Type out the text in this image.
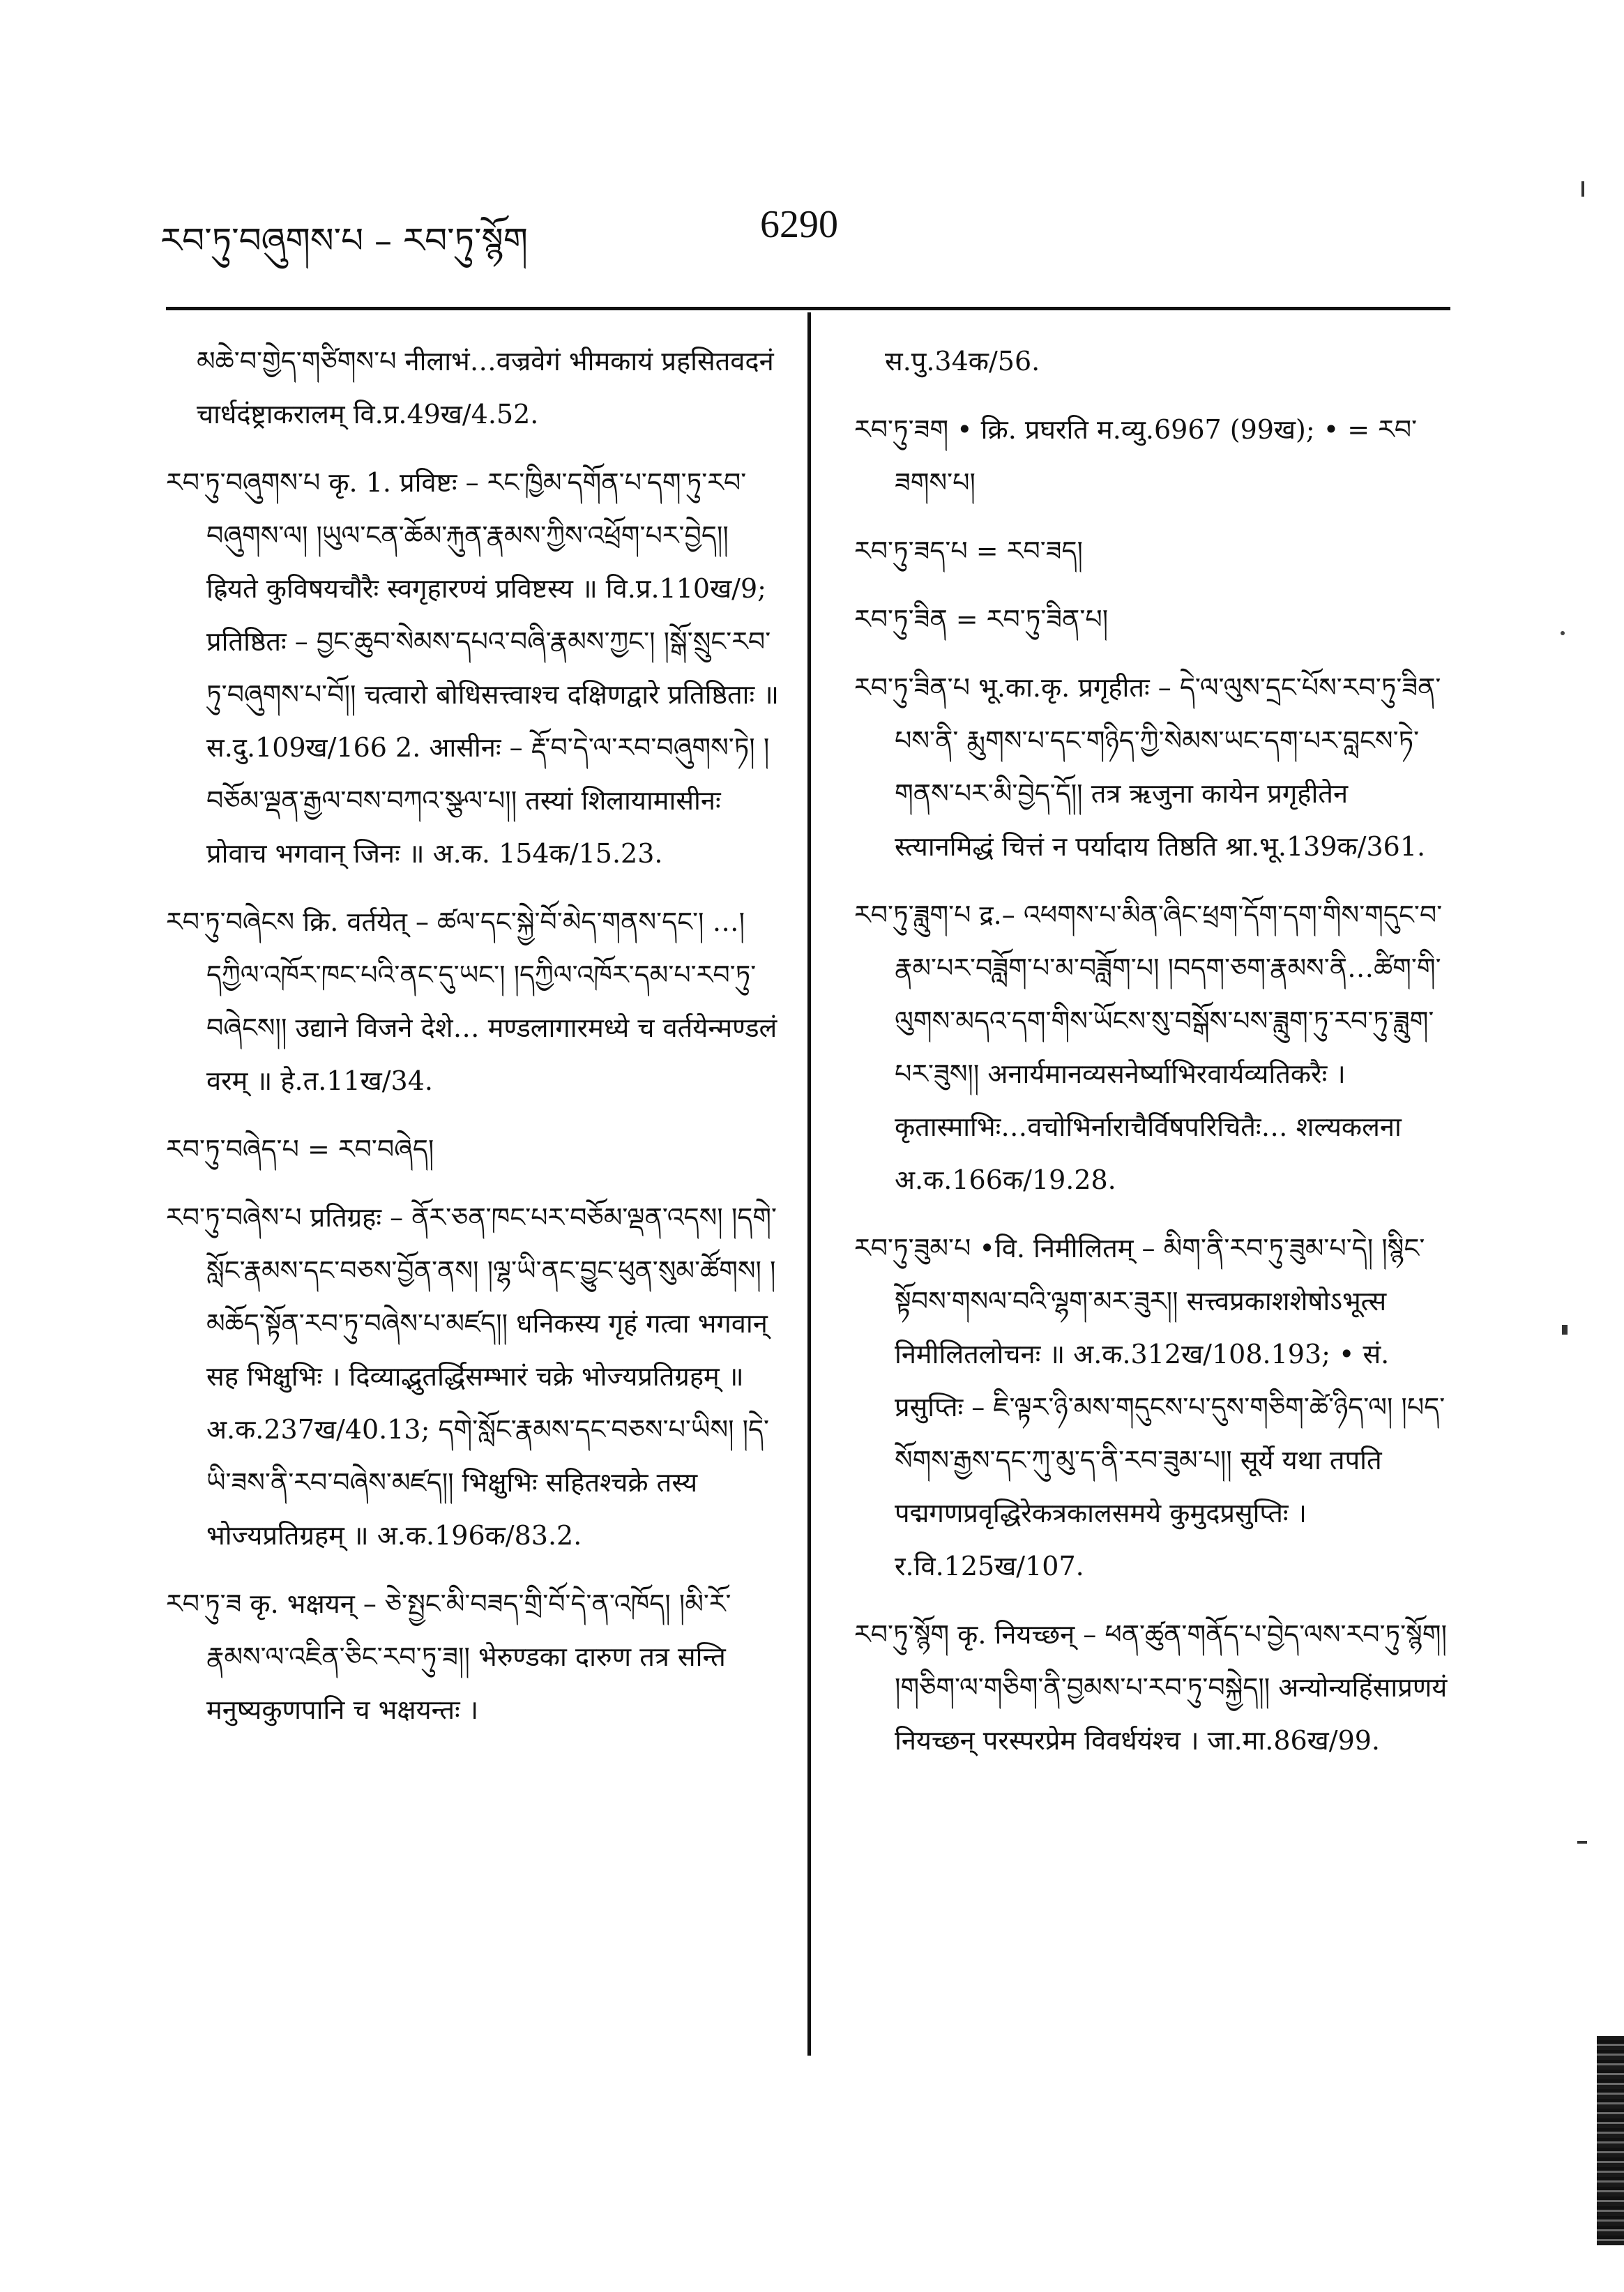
རབ་ཏུ་བཞུགས་པ – རབ་ཏུ་སྙོག	6290

མཆེ་བ་གྱེད་གཙིགས་པ नीलाभं…वज्रवेगं भीमकायं प्रहसितवदनं चार्धदंष्ट्राकरालम् वि.प्र.49ख/4.52.

རབ་ཏུ་བཞུགས་པ कृ. 1. प्रविष्टः – རང་ཁྱིམ་དགོན་པ་དག་ཏུ་རབ་བཞུགས་ལ། །ཡུལ་ངན་ཆོམ་རྐུན་རྣམས་ཀྱིས་འཕྲོག་པར་བྱེད།། ह्रियते कुविषयचौरैः स्वगृहारण्यं प्रविष्टस्य ॥ वि.प्र.110ख/9; प्रतिष्ठितः – བྱང་ཆུབ་སེམས་དཔའ་བཞི་རྣམས་ཀྱང་། །སྒོ་སྲུང་རབ་ཏུ་བཞུགས་པ་བོ།། चत्वारो बोधिसत्त्वाश्च दक्षिणद्वारे प्रतिष्ठिताः ॥ स.दु.109ख/166 2. आसीनः – རྡོ་བ་དེ་ལ་རབ་བཞུགས་ཏེ། །བཅོམ་ལྡན་རྒྱལ་བས་བཀའ་སྩལ་པ།། तस्यां शिलायामासीनः प्रोवाच भगवान् जिनः ॥ अ.क. 154क/15.23.

རབ་ཏུ་བཞེངས क्रि. वर्तयेत् – ཚལ་དང་སྐྱེ་བོ་མེད་གནས་དང་། …།དཀྱིལ་འཁོར་ཁང་པའི་ནང་དུ་ཡང་། །དཀྱིལ་འཁོར་དམ་པ་རབ་ཏུ་བཞེངས།། उद्याने विजने देशे… मण्डलागारमध्ये च वर्तयेन्मण्डलं वरम् ॥ हे.त.11ख/34.

རབ་ཏུ་བཞེད་པ = རབ་བཞེད།

རབ་ཏུ་བཞེས་པ प्रतिग्रहः – ནོར་ཅན་ཁང་པར་བཅོམ་ལྡན་འདས། །དགེ་སློང་རྣམས་དང་བཅས་བྱོན་ནས། །ལྷ་ཡི་ནང་བྱུང་ཕུན་སུམ་ཚོགས། །མཆོད་སྟོན་རབ་ཏུ་བཞེས་པ་མཛད།། धनिकस्य गृहं गत्वा भगवान् सह भिक्षुभिः । दिव्याद्भुतर्द्धिसम्भारं चक्रे भोज्यप्रतिग्रहम् ॥ अ.क.237ख/40.13; དགེ་སློང་རྣམས་དང་བཅས་པ་ཡིས། །དེ་ཡི་ཟས་ནི་རབ་བཞེས་མཛད།། भिक्षुभिः सहितश्चक्रे तस्य भोज्यप्रतिग्रहम् ॥ अ.क.196क/83.2.

རབ་ཏུ་ཟ कृ. भक्षयन् – ཅེ་སྤྱང་མི་བཟད་གྲི་བོ་དེ་ན་འཁོད། །མི་རོ་རྣམས་ལ་འཇིན་ཅིང་རབ་ཏུ་ཟ།། भेरुण्डका दारुण तत्र सन्ति मनुष्यकुणपानि च भक्षयन्तः ।

स.पु.34क/56.

རབ་ཏུ་ཟག • क्रि. प्रघरति म.व्यु.6967 (99ख); • = རབ་ཟགས་པ།

རབ་ཏུ་ཟད་པ = རབ་ཟད།

རབ་ཏུ་ཟིན = རབ་ཏུ་ཟིན་པ།

རབ་ཏུ་ཟིན་པ भू.का.कृ. प्रगृहीतः – དེ་ལ་ལུས་དྲང་པོས་རབ་ཏུ་ཟིན་པས་ནི་ རྨུགས་པ་དང་གཉིད་ཀྱི་སེམས་ཡང་དག་པར་བླངས་ཏེ་གནས་པར་མི་བྱེད་དོ།། तत्र ऋजुना कायेन प्रगृहीतेन स्त्यानमिद्धं चित्तं न पर्यादाय तिष्ठति श्रा.भू.139क/361.

རབ་ཏུ་ཟླུག་པ द्र.– འཕགས་པ་མིན་ཞིང་ཕྲག་དོག་དག་གིས་གདུང་བ་རྣམ་པར་བཟློག་པ་མ་བཟློག་པ། །བདག་ཅག་རྣམས་ནི…ཚིག་གི་ལུགས་མདའ་དག་གིས་ཡོངས་སུ་བསྒོས་པས་ཟླུག་ཏུ་རབ་ཏུ་ཟླུག་པར་ཟུས།། अनार्यमानव्यसनेर्ष्याभिरवार्यव्यतिकरैः । कृतास्माभिः…वचोभिर्नाराचैर्विषपरिचितैः… शल्यकलना अ.क.166क/19.28.

རབ་ཏུ་ཟུམ་པ •वि. निमीलितम् – མིག་ནི་རབ་ཏུ་ཟུམ་པ་དེ། །སྙིང་སྟོབས་གསལ་བའི་ལྷག་མར་ཟུར།། सत्त्वप्रकाशशेषोऽभूत्स निमीलितलोचनः ॥ अ.क.312ख/108.193; • सं. प्रसुप्तिः – ཇི་ལྟར་ཉི་མས་གདུངས་པ་དུས་གཅིག་ཚེ་ཉིད་ལ། །པད་སོགས་རྒྱས་དང་ཀུ་མུ་ད་ནི་རབ་ཟུམ་པ།། सूर्ये यथा तपति पद्मगणप्रवृद्धिरेकत्रकालसमये कुमुदप्रसुप्तिः । र.वि.125ख/107.

རབ་ཏུ་སྙོག कृ. नियच्छन् – ཕན་ཚུན་གནོད་པ་བྱེད་ལས་རབ་ཏུ་སྙོག། །གཅིག་ལ་གཅིག་ནི་བྱམས་པ་རབ་ཏུ་བསྐྱེད།། अन्योन्यहिंसाप्रणयं नियच्छन् परस्परप्रेम विवर्धयंश्च । जा.मा.86ख/99.
